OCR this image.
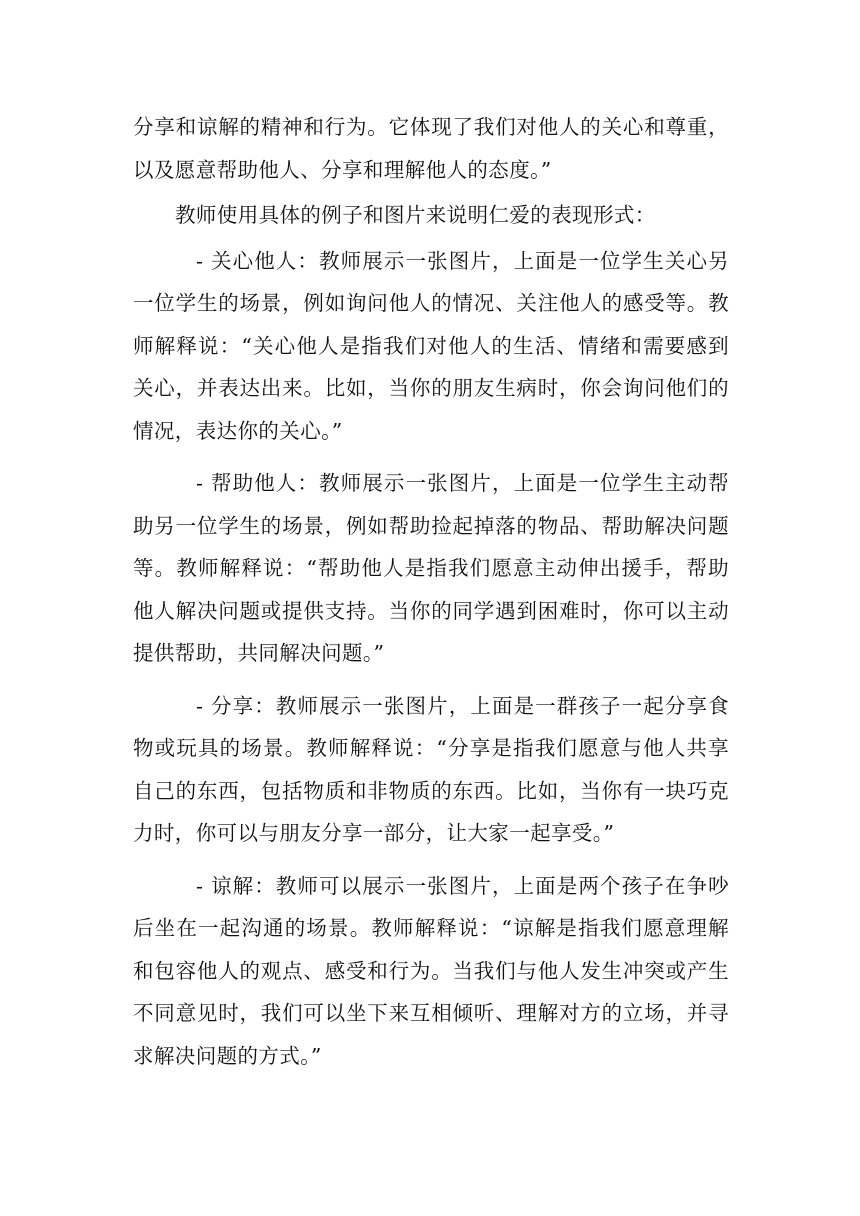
分享和谅解的精神和行为。它体现了我们对他人的关心和尊重，以及愿意帮助他人、分享和理解他人的态度。”

教师使用具体的例子和图片来说明仁爱的表现形式：

- 关心他人：教师展示一张图片，上面是一位学生关心另一位学生的场景，例如询问他人的情况、关注他人的感受等。教师解释说：“关心他人是指我们对他人的生活、情绪和需要感到关心，并表达出来。比如，当你的朋友生病时，你会询问他们的情况，表达你的关心。”

- 帮助他人：教师展示一张图片，上面是一位学生主动帮助另一位学生的场景，例如帮助捡起掉落的物品、帮助解决问题等。教师解释说：“帮助他人是指我们愿意主动伸出援手，帮助他人解决问题或提供支持。当你的同学遇到困难时，你可以主动提供帮助，共同解决问题。”

- 分享：教师展示一张图片，上面是一群孩子一起分享食物或玩具的场景。教师解释说：“分享是指我们愿意与他人共享自己的东西，包括物质和非物质的东西。比如，当你有一块巧克力时，你可以与朋友分享一部分，让大家一起享受。”

- 谅解：教师可以展示一张图片，上面是两个孩子在争吵后坐在一起沟通的场景。教师解释说：“谅解是指我们愿意理解和包容他人的观点、感受和行为。当我们与他人发生冲突或产生不同意见时，我们可以坐下来互相倾听、理解对方的立场，并寻求解决问题的方式。”
